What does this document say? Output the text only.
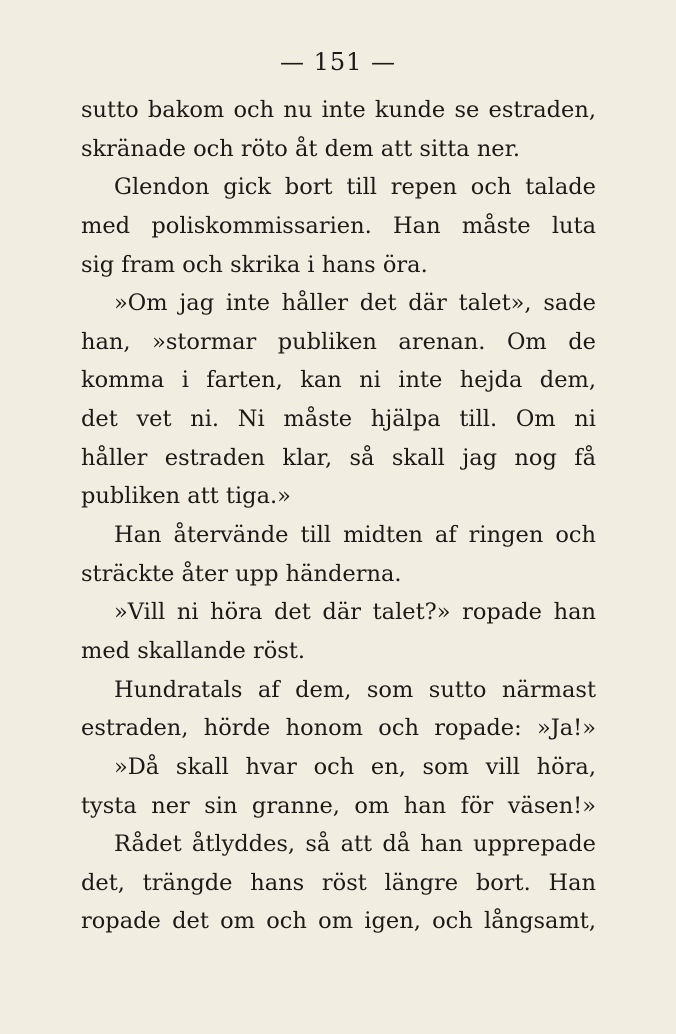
— 151 —
sutto bakom och nu inte kunde se estraden,
skränade och röto åt dem att sitta ner.
Glendon gick bort till repen och talade
med poliskommissarien. Han måste luta
sig fram och skrika i hans öra.
»Om jag inte håller det där talet», sade
han, »stormar publiken arenan. Om de
komma i farten, kan ni inte hejda dem,
det vet ni. Ni måste hjälpa till. Om ni
håller estraden klar, så skall jag nog få
publiken att tiga.»
Han återvände till midten af ringen och
sträckte åter upp händerna.
»Vill ni höra det där talet?» ropade han
med skallande röst.
Hundratals af dem, som sutto närmast
estraden, hörde honom och ropade: »Ja!»
»Då skall hvar och en, som vill höra,
tysta ner sin granne, om han för väsen!»
Rådet åtlyddes, så att då han upprepade
det, trängde hans röst längre bort. Han
ropade det om och om igen, och långsamt,
